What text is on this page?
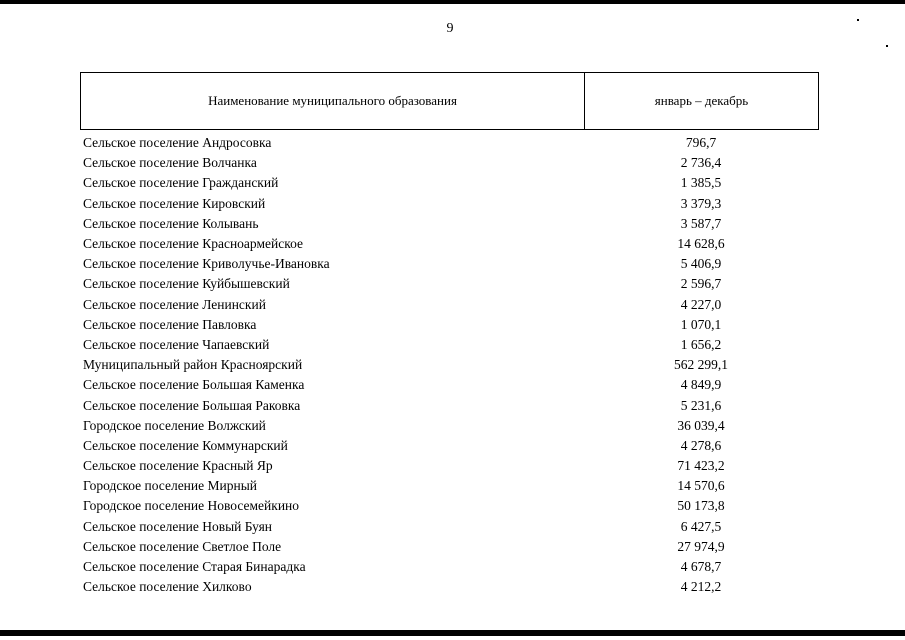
9
Наименование муниципального образования	январь – декабрь
Сельское поселение Андросовка	796,7
Сельское поселение Волчанка	2 736,4
Сельское поселение Гражданский	1 385,5
Сельское поселение Кировский	3 379,3
Сельское поселение Колывань	3 587,7
Сельское поселение Красноармейское	14 628,6
Сельское поселение Криволучье-Ивановка	5 406,9
Сельское поселение Куйбышевский	2 596,7
Сельское поселение Ленинский	4 227,0
Сельское поселение Павловка	1 070,1
Сельское поселение Чапаевский	1 656,2
Муниципальный район Красноярский	562 299,1
Сельское поселение Большая Каменка	4 849,9
Сельское поселение Большая Раковка	5 231,6
Городское поселение Волжский	36 039,4
Сельское поселение Коммунарский	4 278,6
Сельское поселение Красный Яр	71 423,2
Городское поселение Мирный	14 570,6
Городское поселение Новосемейкино	50 173,8
Сельское поселение Новый Буян	6 427,5
Сельское поселение Светлое Поле	27 974,9
Сельское поселение Старая Бинарадка	4 678,7
Сельское поселение Хилково	4 212,2
